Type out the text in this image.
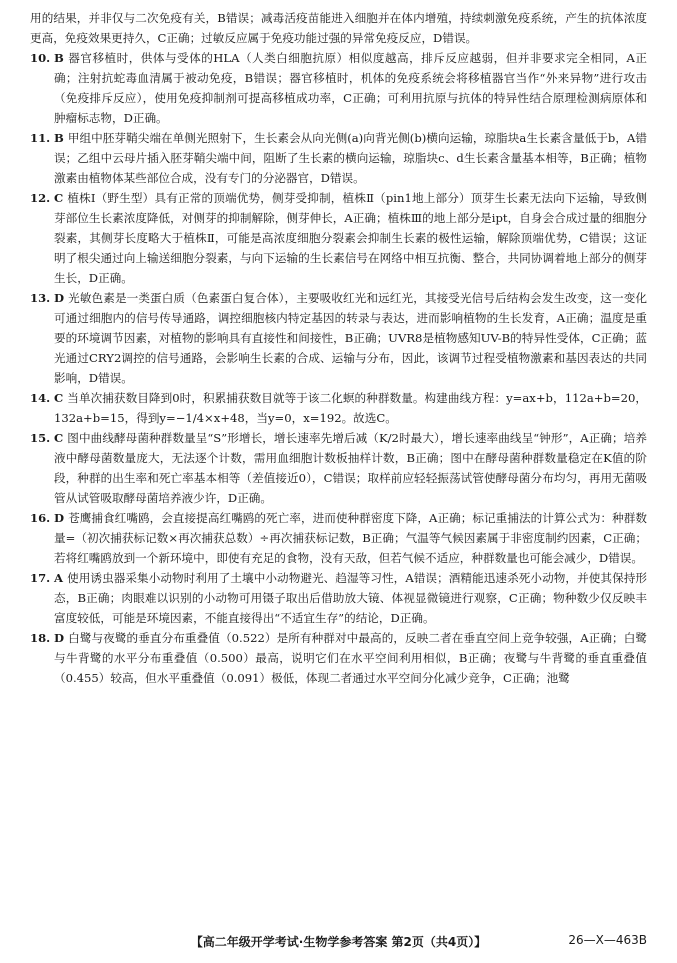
用的结果，并非仅与二次免疫有关，B错误；减毒活疫苗能进入细胞并在体内增殖，持续刺激免疫系统，产生的抗体浓度更高，免疫效果更持久，C正确；过敏反应属于免疫功能过强的异常免疫反应，D错误。

10. B 器官移植时，供体与受体的HLA（人类白细胞抗原）相似度越高，排斥反应越弱，但并非要求完全相同，A正确；注射抗蛇毒血清属于被动免疫，B错误；器官移植时，机体的免疫系统会将移植器官当作“外来异物”进行攻击（免疫排斥反应），使用免疫抑制剂可提高移植成功率，C正确；可利用抗原与抗体的特异性结合原理检测病原体和肿瘤标志物，D正确。
11. B 甲组中胚芽鞘尖端在单侧光照射下，生长素会从向光侧(a)向背光侧(b)横向运输，琼脂块a生长素含量低于b，A错误；乙组中云母片插入胚芽鞘尖端中间，阻断了生长素的横向运输，琼脂块c、d生长素含量基本相等，B正确；植物激素由植物体某些部位合成，没有专门的分泌器官，D错误。
12. C 植株Ⅰ（野生型）具有正常的顶端优势，侧芽受抑制，植株Ⅱ（pin1地上部分）顶芽生长素无法向下运输，导致侧芽部位生长素浓度降低，对侧芽的抑制解除，侧芽伸长，A正确；植株Ⅲ的地上部分是ipt，自身会合成过量的细胞分裂素，其侧芽长度略大于植株Ⅱ，可能是高浓度细胞分裂素会抑制生长素的极性运输，解除顶端优势，C错误；这证明了根尖通过向上输送细胞分裂素，与向下运输的生长素信号在网络中相互抗衡、整合，共同协调着地上部分的侧芽生长，D正确。
13. D 光敏色素是一类蛋白质（色素蛋白复合体），主要吸收红光和远红光，其接受光信号后结构会发生改变，这一变化可通过细胞内的信号传导通路，调控细胞核内特定基因的转录与表达，进而影响植物的生长发育，A正确；温度是重要的环境调节因素，对植物的影响具有直接性和间接性，B正确；UVR8是植物感知UV-B的特异性受体，C正确；蓝光通过CRY2调控的信号通路，会影响生长素的合成、运输与分布，因此，该调节过程受植物激素和基因表达的共同影响，D错误。
14. C 当单次捕获数目降到0时，积累捕获数目就等于该二化螟的种群数量。构建曲线方程：y=ax+b，112a+b=20，132a+b=15，得到y=−1/4×x+48，当y=0，x=192。故选C。
15. C 图中曲线酵母菌种群数量呈“S”形增长，增长速率先增后减（K/2时最大），增长速率曲线呈“钟形”，A正确；培养液中酵母菌数量庞大，无法逐个计数，需用血细胞计数板抽样计数，B正确；图中在酵母菌种群数量稳定在K值的阶段，种群的出生率和死亡率基本相等（差值接近0），C错误；取样前应轻轻振荡试管使酵母菌分布均匀，再用无菌吸管从试管吸取酵母菌培养液少许，D正确。
16. D 苍鹰捕食红嘴鸥，会直接提高红嘴鸥的死亡率，进而使种群密度下降，A正确；标记重捕法的计算公式为：种群数量=（初次捕获标记数×再次捕获总数）÷再次捕获标记数，B正确；气温等气候因素属于非密度制约因素，C正确；若将红嘴鸥放到一个新环境中，即使有充足的食物，没有天敌，但若气候不适应，种群数量也可能会减少，D错误。
17. A 使用诱虫器采集小动物时利用了土壤中小动物避光、趋湿等习性，A错误；酒精能迅速杀死小动物，并使其保持形态，B正确；肉眼难以识别的小动物可用镊子取出后借助放大镜、体视显微镜进行观察，C正确；物种数少仅反映丰富度较低，可能是环境因素，不能直接得出“不适宜生存”的结论，D正确。
18. D 白鹭与夜鹭的垂直分布重叠值（0.522）是所有种群对中最高的，反映二者在垂直空间上竞争较强，A正确；白鹭与牛背鹭的水平分布重叠值（0.500）最高，说明它们在水平空间利用相似，B正确；夜鹭与牛背鹭的垂直重叠值（0.455）较高，但水平重叠值（0.091）极低，体现二者通过水平空间分化减少竞争，C正确；池鹭
【高二年级开学考试·生物学参考答案 第2页（共4页）】	26—X—463B
